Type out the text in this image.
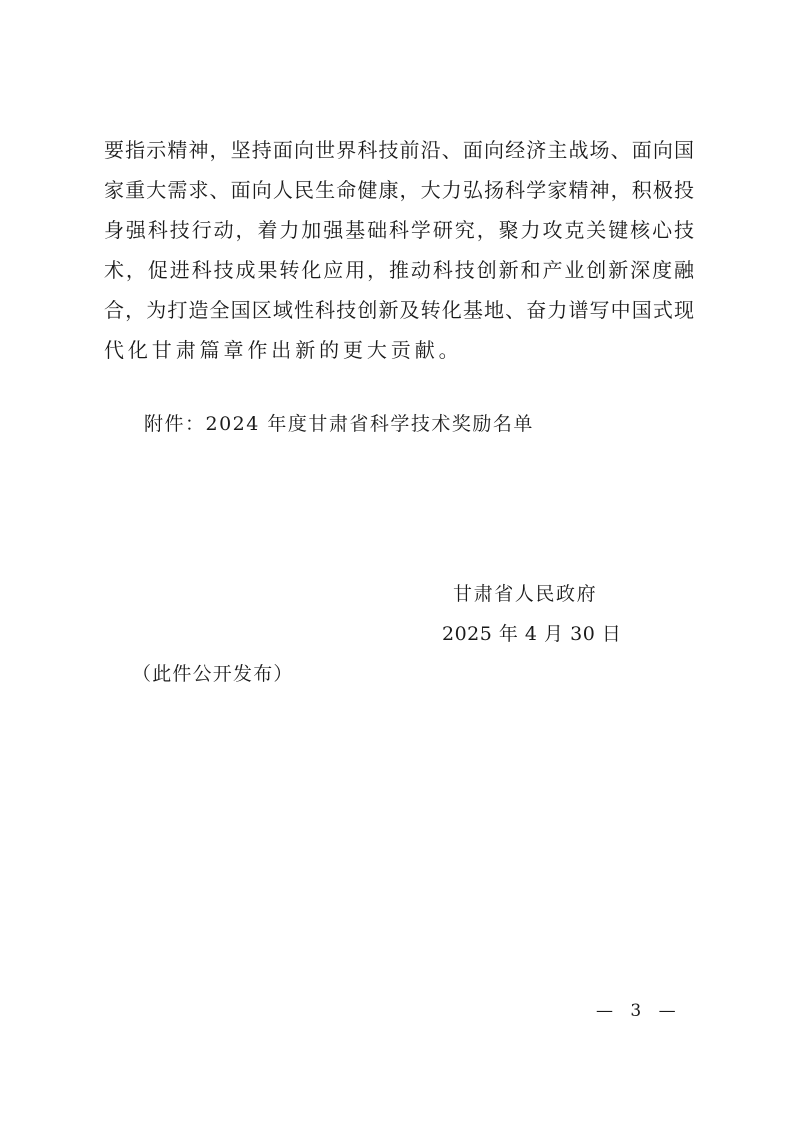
要指示精神，坚持面向世界科技前沿、面向经济主战场、面向国
家重大需求、面向人民生命健康，大力弘扬科学家精神，积极投
身强科技行动，着力加强基础科学研究，聚力攻克关键核心技
术，促进科技成果转化应用，推动科技创新和产业创新深度融
合，为打造全国区域性科技创新及转化基地、奋力谱写中国式现
代化甘肃篇章作出新的更大贡献。
附件：2024 年度甘肃省科学技术奖励名单
甘肃省人民政府
2025 年 4 月 30 日
（此件公开发布）
— 3 —
